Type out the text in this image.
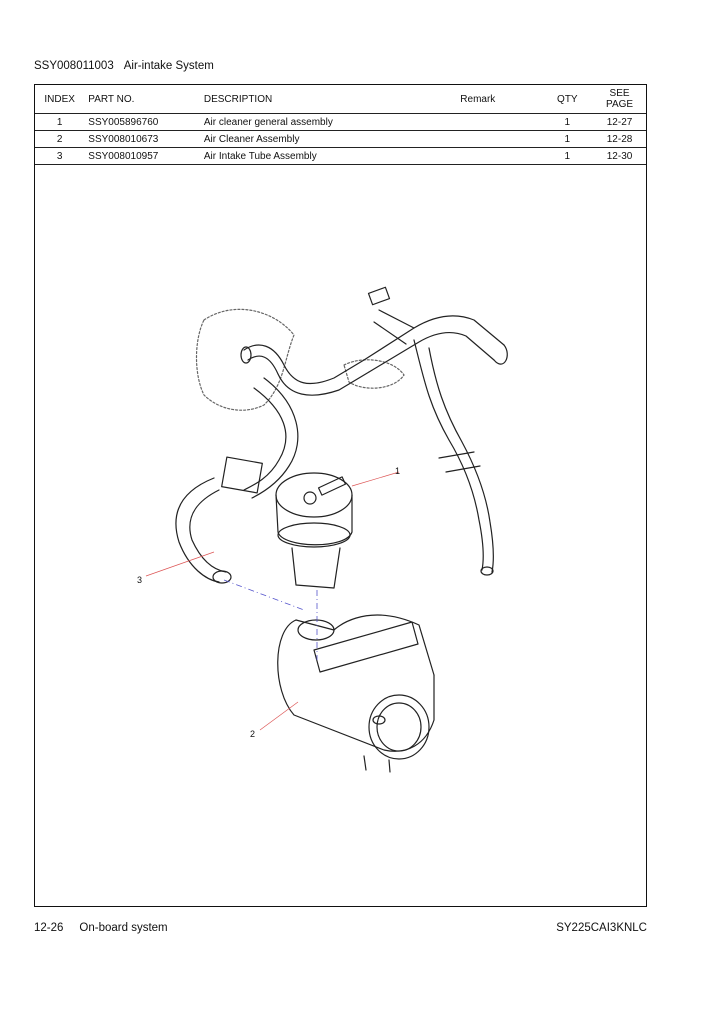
SSY008011003 Air-intake System
INDEX	PART NO.	DESCRIPTION	Remark	QTY	SEE
PAGE
1	SSY005896760	Air cleaner general assembly		1	12-27
2	SSY008010673	Air Cleaner Assembly		1	12-28
3	SSY008010957	Air Intake Tube Assembly		1	12-30
1
3
2
12-26 On-board system	SY225CAI3KNLC
